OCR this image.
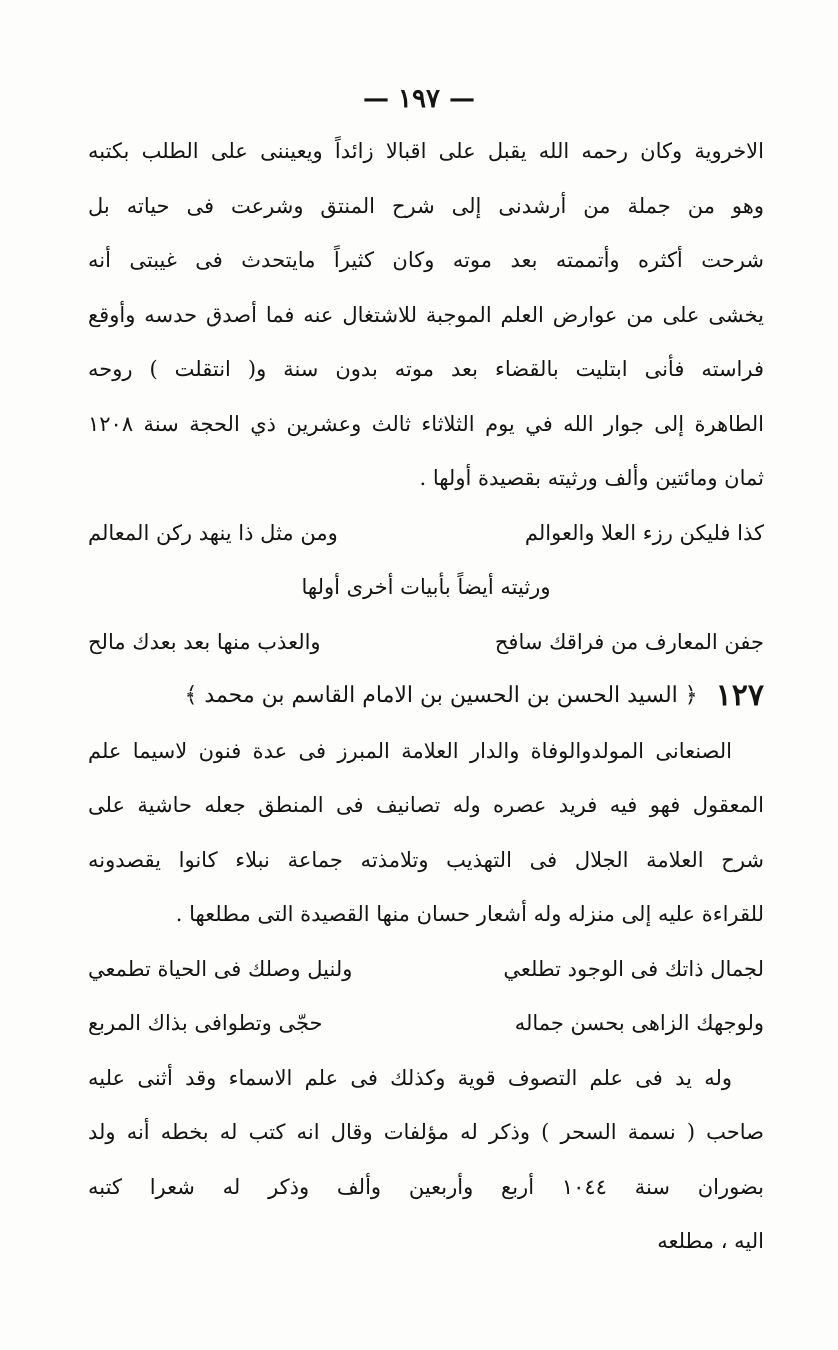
— ١٩٧ —
الاخروية وكان رحمه الله يقبل على اقبالا زائداً ويعيننى على الطلب بكتبه
وهو من جملة من أرشدنى إلى شرح المنتق وشرعت فى حياته بل
شرحت أكثره وأتممته بعد موته وكان كثيراً مايتحدث فى غيبتى أنه
يخشى على من عوارض العلم الموجبة للاشتغال عنه فما أصدق حدسه وأوقع
فراسته فأنى ابتليت بالقضاء بعد موته بدون سنة و( انتقلت ) روحه
الطاهرة إلى جوار الله في يوم الثلاثاء ثالث وعشرين ذي الحجة سنة ١٢٠٨
ثمان ومائتين وألف ورثيته بقصيدة أولها .
كذا فليكن رزء العلا والعوالم
ومن مثل ذا ينهد ركن المعالم
ورثيته أيضاً بأبيات أخرى أولها
جفن المعارف من فراقك سافح
والعذب منها بعد بعدك مالح
١٢٧
﴿ السيد الحسن بن الحسين بن الامام القاسم بن محمد ﴾
الصنعانى المولدوالوفاة والدار العلامة المبرز فى عدة فنون لاسيما علم
المعقول فهو فيه فريد عصره وله تصانيف فى المنطق جعله حاشية على
شرح العلامة الجلال فى التهذيب وتلامذته جماعة نبلاء كانوا يقصدونه
للقراءة عليه إلى منزله وله أشعار حسان منها القصيدة التى مطلعها .
لجمال ذاتك فى الوجود تطلعي
ولنيل وصلك فى الحياة تطمعي
ولوجهك الزاهى بحسن جماله
حجّى وتطوافى بذاك المربع
وله يد فى علم التصوف قوية وكذلك فى علم الاسماء وقد أثنى عليه
صاحب ( نسمة السحر ) وذكر له مؤلفات وقال انه كتب له بخطه أنه ولد
بضوران سنة ١٠٤٤ أربع وأربعين وألف وذكر له شعرا كتبه
اليه ، مطلعه
